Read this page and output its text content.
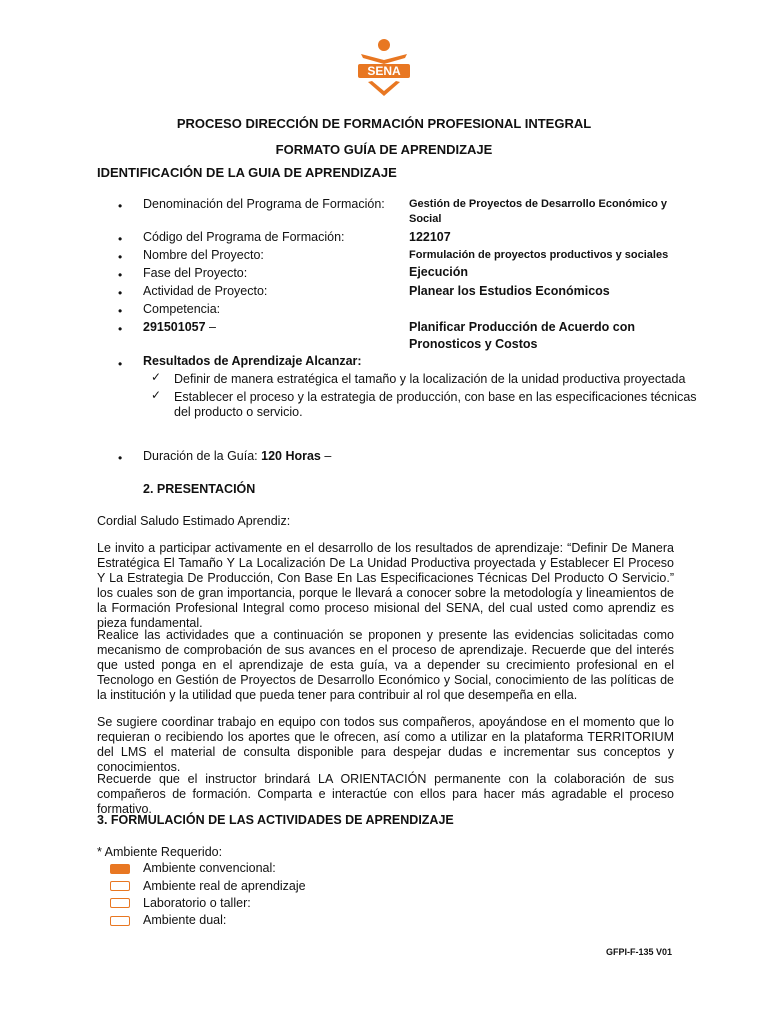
SENA
PROCESO DIRECCIÓN DE FORMACIÓN PROFESIONAL INTEGRAL
FORMATO GUÍA DE APRENDIZAJE
IDENTIFICACIÓN DE LA GUIA DE APRENDIZAJE
• Denominación del Programa de Formación: Gestión de Proyectos de Desarrollo Económico y
Social
• Código del Programa de Formación:	122107
• Nombre del Proyecto:	Formulación de proyectos productivos y sociales
• Fase del Proyecto:	Ejecución
• Actividad de Proyecto:	Planear los Estudios Económicos
• Competencia:
• 291501057 –	Planificar Producción de Acuerdo con
Pronosticos y Costos
• Resultados de Aprendizaje Alcanzar:
✓ Definir de manera estratégica el tamaño y la localización de la unidad productiva proyectada
✓ Establecer el proceso y la estrategia de producción, con base en las especificaciones técnicas
del producto o servicio.
• Duración de la Guía: 120 Horas –
2. PRESENTACIÓN
Cordial Saludo Estimado Aprendiz:
Le invito a participar activamente en el desarrollo de los resultados de aprendizaje: “Definir De Manera Estratégica El Tamaño Y La Localización De La Unidad Productiva proyectada y Establecer El Proceso Y La Estrategia De Producción, Con Base En Las Especificaciones Técnicas Del Producto O Servicio.” los cuales son de gran importancia, porque le llevará a conocer sobre la metodología y lineamientos de la Formación Profesional Integral como proceso misional del SENA, del cual usted como aprendiz es pieza fundamental.
Realice las actividades que a continuación se proponen y presente las evidencias solicitadas como mecanismo de comprobación de sus avances en el proceso de aprendizaje. Recuerde que del interés que usted ponga en el aprendizaje de esta guía, va a depender su crecimiento profesional en el Tecnologo en Gestión de Proyectos de Desarrollo Económico y Social, conocimiento de las políticas de la institución y la utilidad que pueda tener para contribuir al rol que desempeña en ella.
Se sugiere coordinar trabajo en equipo con todos sus compañeros, apoyándose en el momento que lo requieran o recibiendo los aportes que le ofrecen, así como a utilizar en la plataforma TERRITORIUM del LMS el material de consulta disponible para despejar dudas e incrementar sus conceptos y conocimientos.
Recuerde que el instructor brindará LA ORIENTACIÓN permanente con la colaboración de sus compañeros de formación. Comparta e interactúe con ellos para hacer más agradable el proceso formativo.
3. FORMULACIÓN DE LAS ACTIVIDADES DE APRENDIZAJE
* Ambiente Requerido:
Ambiente convencional:
Ambiente real de aprendizaje
Laboratorio o taller:
Ambiente dual:
GFPI-F-135 V01
